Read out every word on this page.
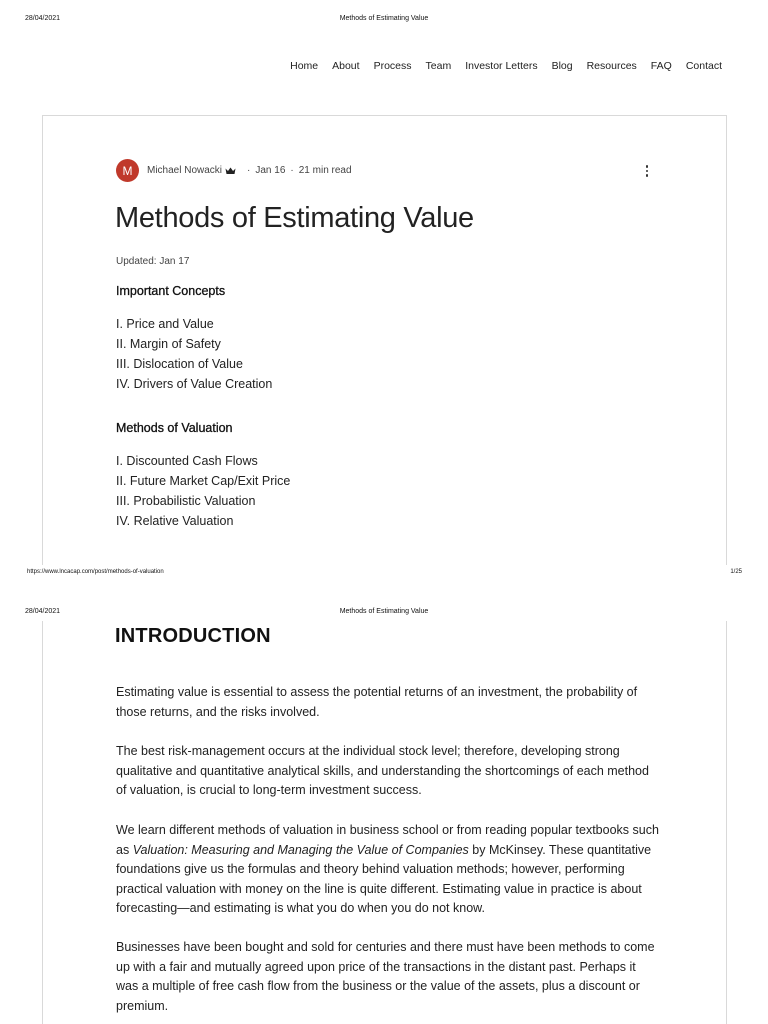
28/04/2021	Methods of Estimating Value
Home About Process Team Investor Letters Blog Resources FAQ Contact
M Michael Nowacki	· Jan 16 · 21 min read
Methods of Estimating Value
Updated: Jan 17
Important Concepts
I. Price and Value
II. Margin of Safety
III. Dislocation of Value
IV. Drivers of Value Creation
Methods of Valuation
I. Discounted Cash Flows
II. Future Market Cap/Exit Price
III. Probabilistic Valuation
IV. Relative Valuation
https://www.lncacap.com/post/methods-of-valuation	1/25
28/04/2021	Methods of Estimating Value
INTRODUCTION

Estimating value is essential to assess the potential returns of an investment, the probability of those returns, and the risks involved.

The best risk-management occurs at the individual stock level; therefore, developing strong qualitative and quantitative analytical skills, and understanding the shortcomings of each method of valuation, is crucial to long-term investment success.

We learn different methods of valuation in business school or from reading popular textbooks such as Valuation: Measuring and Managing the Value of Companies by McKinsey. These quantitative foundations give us the formulas and theory behind valuation methods; however, performing practical valuation with money on the line is quite different. Estimating value in practice is about forecasting—and estimating is what you do when you do not know.

Businesses have been bought and sold for centuries and there must have been methods to come up with a fair and mutually agreed upon price of the transactions in the distant past. Perhaps it was a multiple of free cash flow from the business or the value of the assets, plus a discount or premium.
